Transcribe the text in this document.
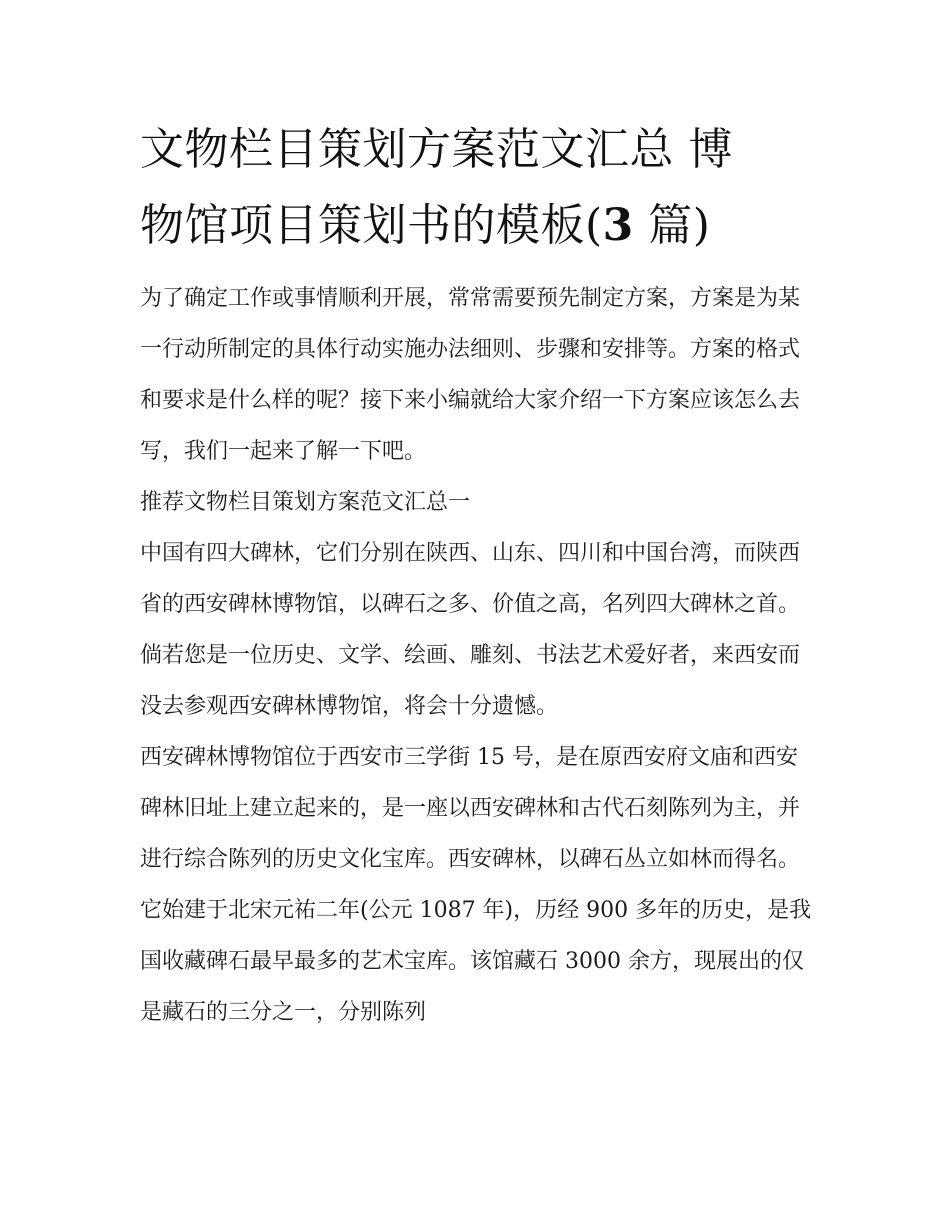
文物栏目策划方案范文汇总 博
物馆项目策划书的模板(3 篇)

为了确定工作或事情顺利开展，常常需要预先制定方案，方案是为某一行动所制定的具体行动实施办法细则、步骤和安排等。方案的格式和要求是什么样的呢？接下来小编就给大家介绍一下方案应该怎么去写，我们一起来了解一下吧。

推荐文物栏目策划方案范文汇总一

中国有四大碑林，它们分别在陕西、山东、四川和中国台湾，而陕西省的西安碑林博物馆，以碑石之多、价值之高，名列四大碑林之首。倘若您是一位历史、文学、绘画、雕刻、书法艺术爱好者，来西安而没去参观西安碑林博物馆，将会十分遗憾。

西安碑林博物馆位于西安市三学街 15 号，是在原西安府文庙和西安碑林旧址上建立起来的，是一座以西安碑林和古代石刻陈列为主，并进行综合陈列的历史文化宝库。西安碑林，以碑石丛立如林而得名。它始建于北宋元祐二年(公元 1087 年)，历经 900 多年的历史，是我国收藏碑石最早最多的艺术宝库。该馆藏石 3000 余方，现展出的仅是藏石的三分之一，分别陈列
